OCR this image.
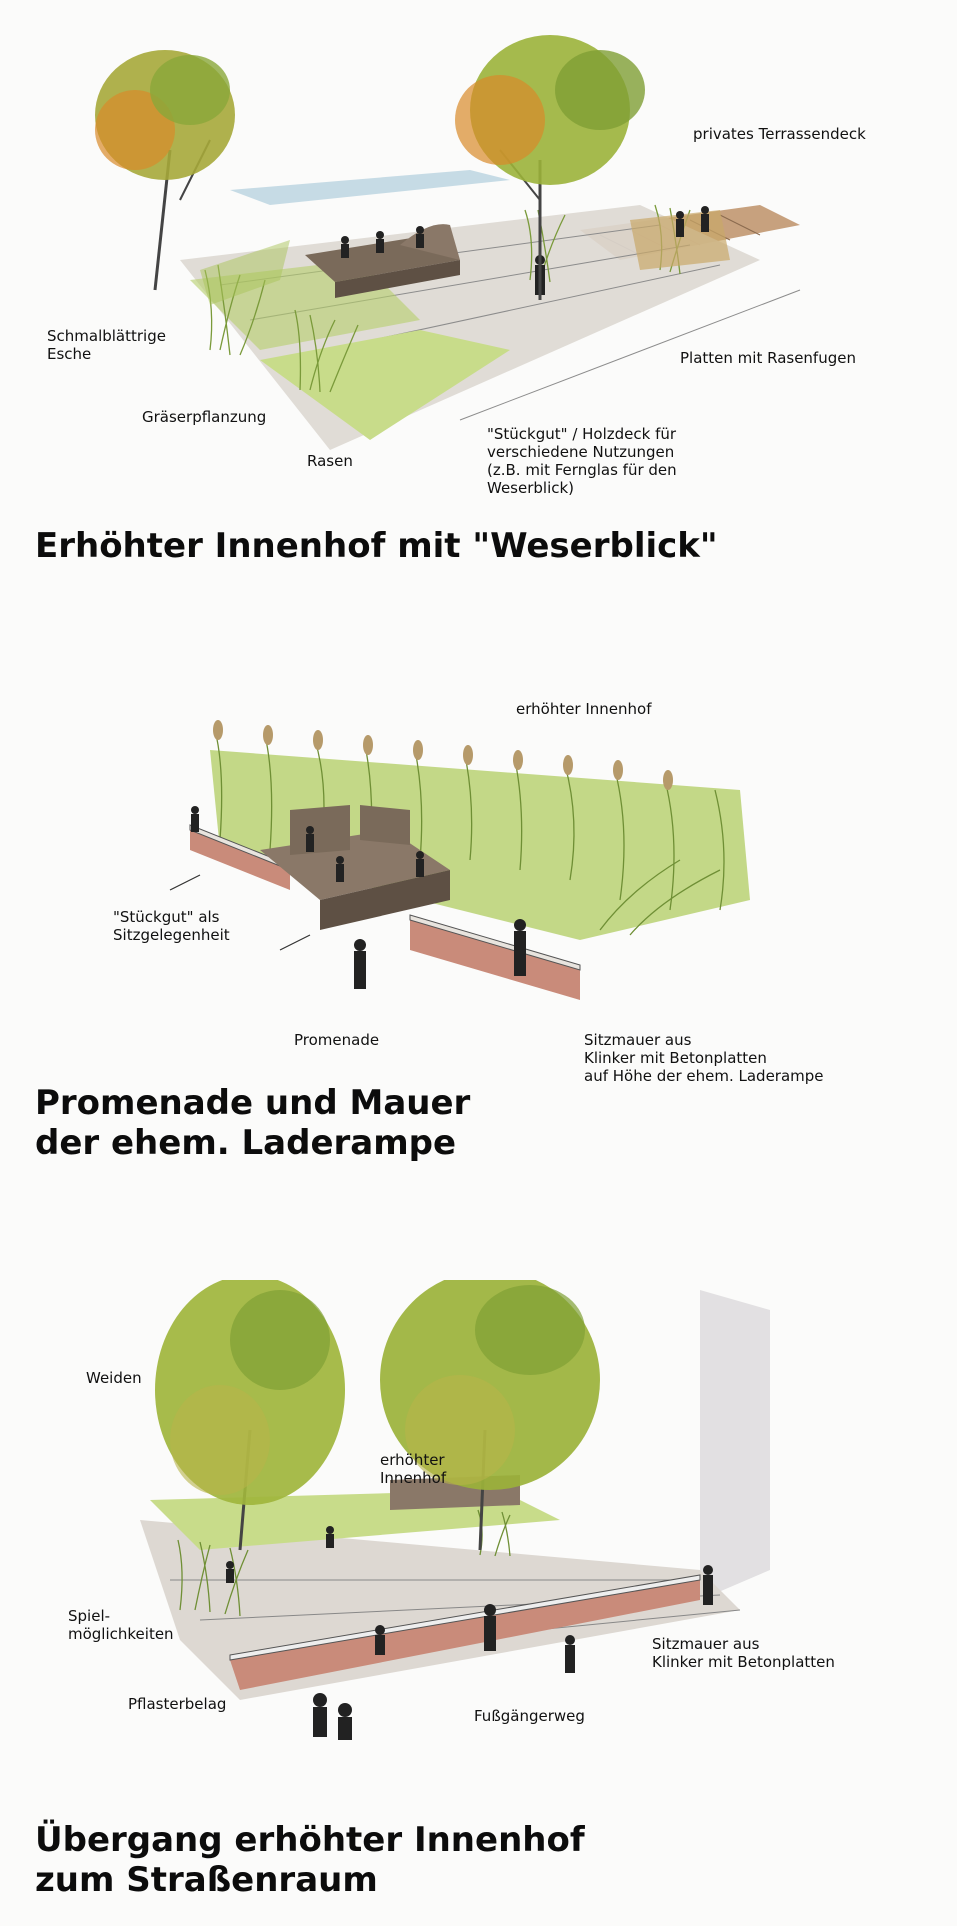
privates Terrassendeck
Schmalblättrige
Esche	Platten mit Rasenfugen
Gräserpflanzung
Rasen
"Stückgut" / Holzdeck für
verschiedene Nutzungen
(z.B. mit Fernglas für den
Weserblick)
Erhöhter Innenhof mit "Weserblick"
erhöhter Innenhof
"Stückgut" als
Sitzgelegenheit
Promenade	Sitzmauer aus
Klinker mit Betonplatten
auf Höhe der ehem. Laderampe
Promenade und Mauer
der ehem. Laderampe
Weiden
erhöhter
Innenhof
Spiel-
möglichkeiten
Pflasterbelag
Fußgängerweg
Sitzmauer aus
Klinker mit Betonplatten
Übergang erhöhter Innenhof
zum Straßenraum
